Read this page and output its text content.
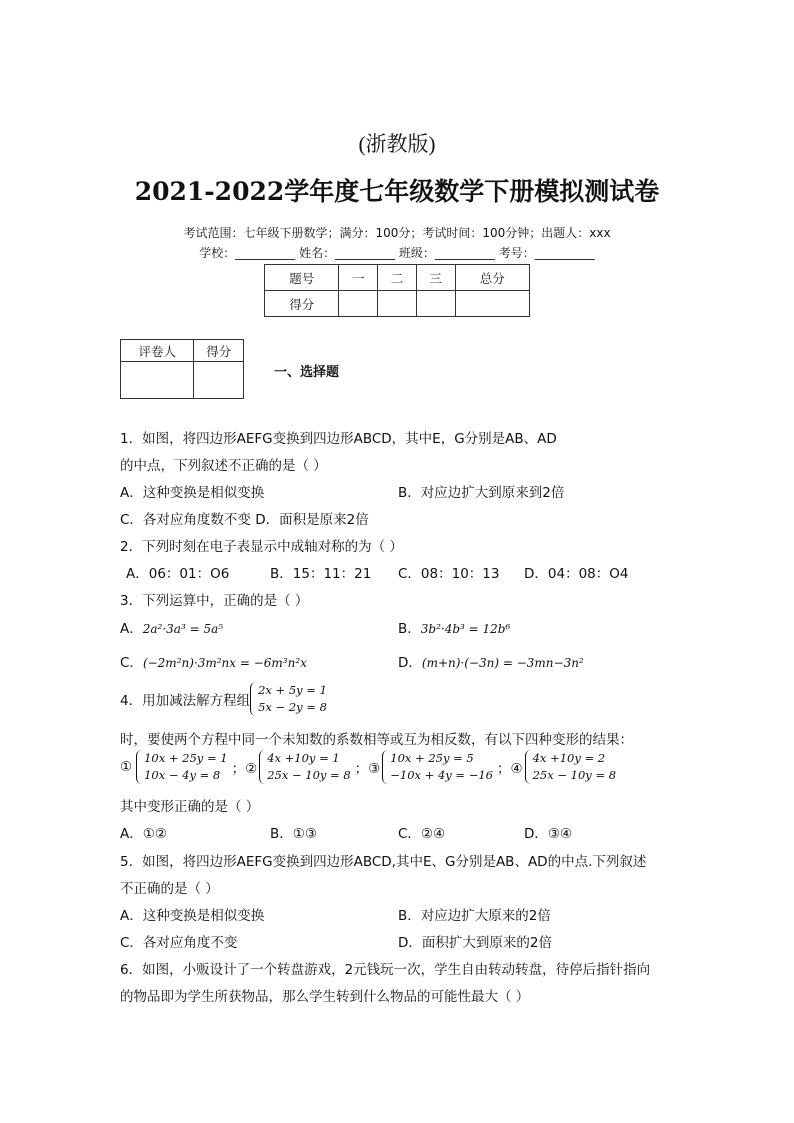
(浙教版)
2021-2022学年度七年级数学下册模拟测试卷
考试范围：七年级下册数学；满分：100分；考试时间：100分钟；出题人：xxx
学校：__________ 姓名：__________ 班级：__________ 考号：__________
题号	一	二	三	总分
得分				
评卷人	得分

一、选择题
1．如图，将四边形AEFG变换到四边形ABCD，其中E，G分别是AB、AD
的中点，下列叙述不正确的是（ ）
A．这种变换是相似变换	B．对应边扩大到原来到2倍
C．各对应角度数不变 D．面积是原来2倍
2．下列时刻在电子表显示中成轴对称的为（ ）
A．06：01：O6	B．15：11：21 C．08：10：13 D．04：08：O4
3．下列运算中，正确的是（ ）
A．2a²·3a³ = 5a⁵	B．3b²·4b³ = 12b⁶
C．(−2m²n)·3m²nx = −6m³n²x	D．(m+n)·(−3n) = −3mn−3n²
4．用加减法解方程组
2x + 5y = 1
5x − 2y = 8
时，要使两个方程中同一个未知数的系数相等或互为相反数，有以下四种变形的结果：
①
10x + 25y = 1
10x − 4y = 8 ；②
4x +10y = 1
25x − 10y = 8 ；③
10x + 25y = 5
−10x + 4y = −16 ；④
4x +10y = 2
25x − 10y = 8
其中变形正确的是（ ）
A．①②	B．①③	C．②④	D．③④
5．如图，将四边形AEFG变换到四边形ABCD,其中E、G分别是AB、AD的中点.下列叙述
不正确的是（ ）
A．这种变换是相似变换	B．对应边扩大原来的2倍
C．各对应角度不变	D．面积扩大到原来的2倍
6．如图，小贩设计了一个转盘游戏，2元钱玩一次，学生自由转动转盘，待停后指针指向
的物品即为学生所获物品，那么学生转到什么物品的可能性最大（ ）
